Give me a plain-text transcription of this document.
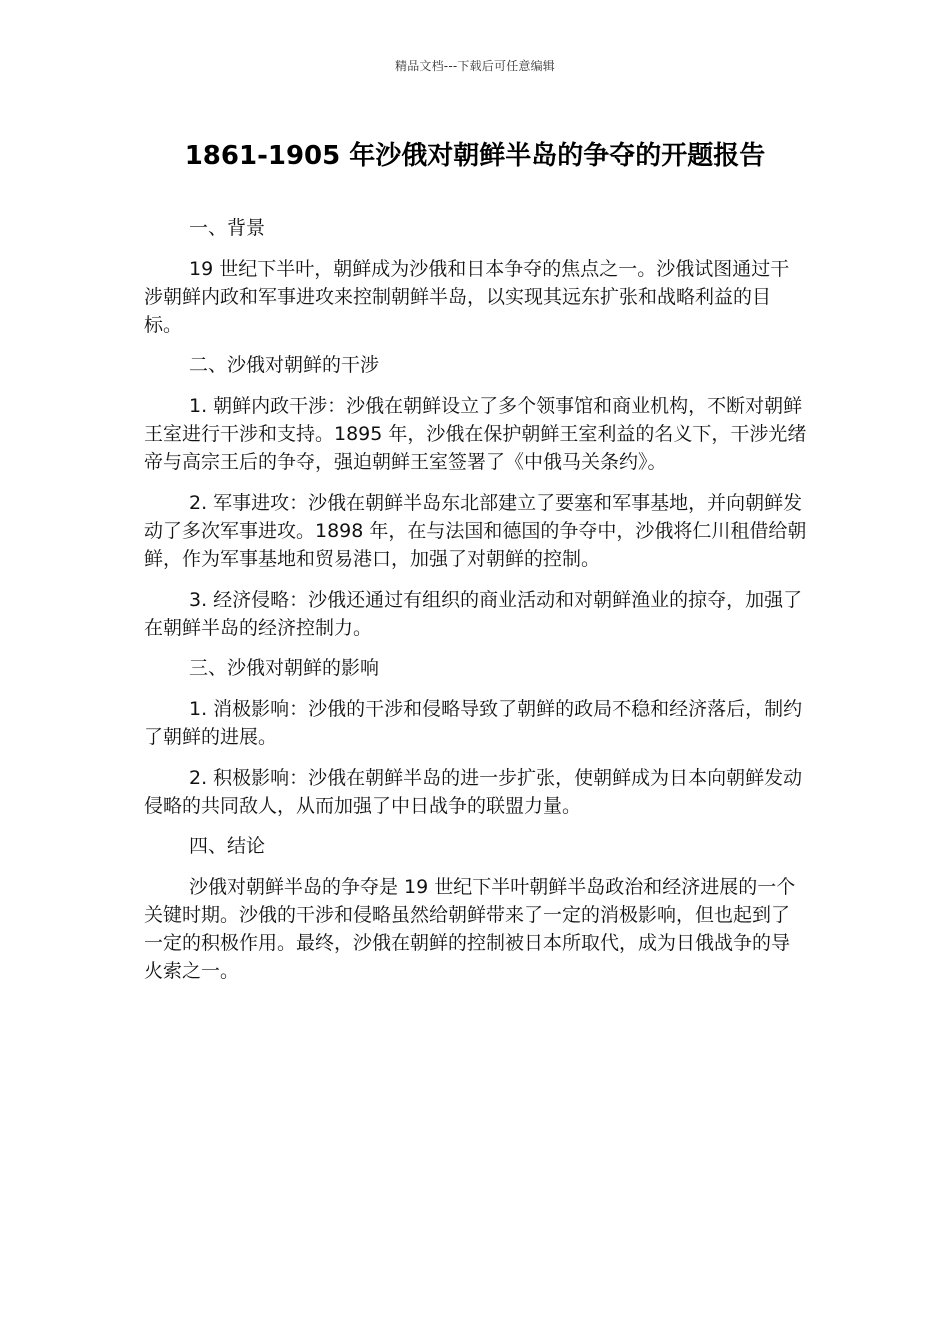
精品文档---下载后可任意编辑
1861-1905 年沙俄对朝鲜半岛的争夺的开题报告
一、背景

19 世纪下半叶，朝鲜成为沙俄和日本争夺的焦点之一。沙俄试图通过干涉朝鲜内政和军事进攻来控制朝鲜半岛，以实现其远东扩张和战略利益的目标。

二、沙俄对朝鲜的干涉

1. 朝鲜内政干涉：沙俄在朝鲜设立了多个领事馆和商业机构，不断对朝鲜王室进行干涉和支持。1895 年，沙俄在保护朝鲜王室利益的名义下，干涉光绪帝与高宗王后的争夺，强迫朝鲜王室签署了《中俄马关条约》。

2. 军事进攻：沙俄在朝鲜半岛东北部建立了要塞和军事基地，并向朝鲜发动了多次军事进攻。1898 年，在与法国和德国的争夺中，沙俄将仁川租借给朝鲜，作为军事基地和贸易港口，加强了对朝鲜的控制。

3. 经济侵略：沙俄还通过有组织的商业活动和对朝鲜渔业的掠夺，加强了在朝鲜半岛的经济控制力。

三、沙俄对朝鲜的影响

1. 消极影响：沙俄的干涉和侵略导致了朝鲜的政局不稳和经济落后，制约了朝鲜的进展。

2. 积极影响：沙俄在朝鲜半岛的进一步扩张，使朝鲜成为日本向朝鲜发动侵略的共同敌人，从而加强了中日战争的联盟力量。

四、结论

沙俄对朝鲜半岛的争夺是 19 世纪下半叶朝鲜半岛政治和经济进展的一个关键时期。沙俄的干涉和侵略虽然给朝鲜带来了一定的消极影响，但也起到了一定的积极作用。最终，沙俄在朝鲜的控制被日本所取代，成为日俄战争的导火索之一。
